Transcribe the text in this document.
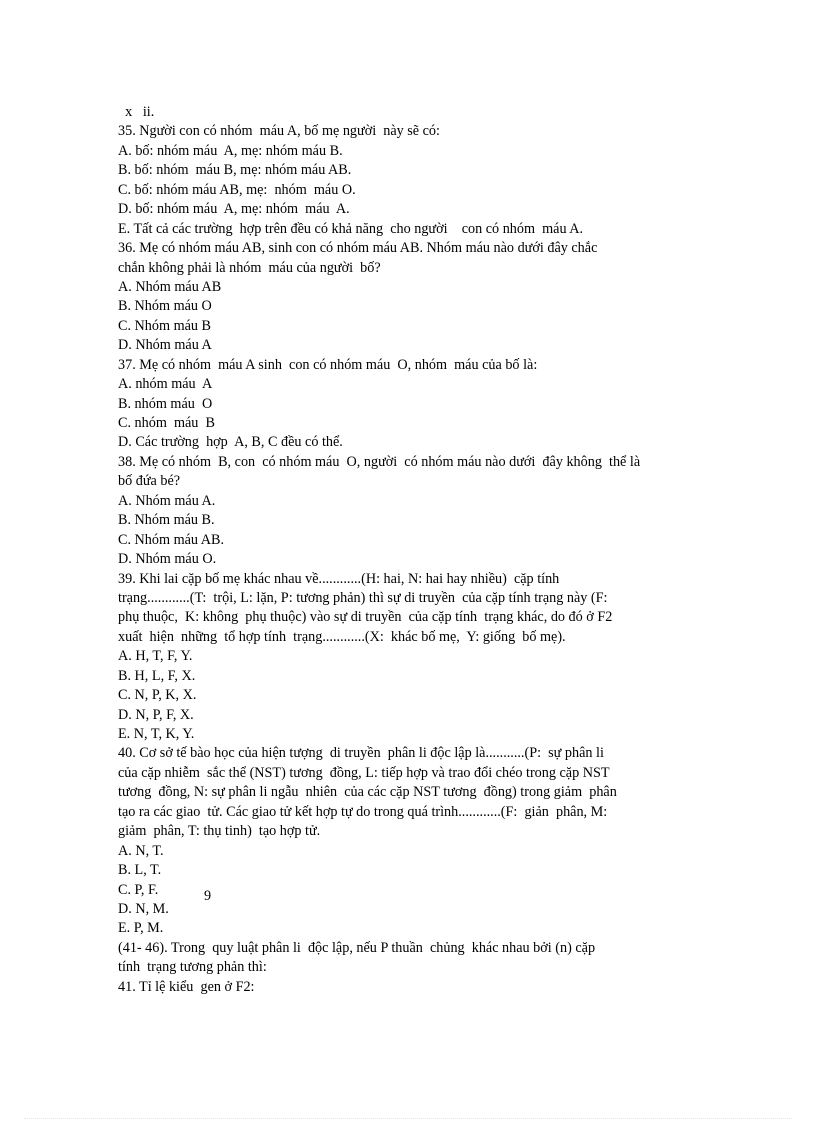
x   ii.
35. Người con có nhóm  máu A, bố mẹ người  này sẽ có:
A. bố: nhóm máu  A, mẹ: nhóm máu B.
B. bố: nhóm  máu B, mẹ: nhóm máu AB.
C. bố: nhóm máu AB, mẹ:  nhóm  máu O.
D. bố: nhóm máu  A, mẹ: nhóm  máu  A.
E. Tất cả các trường  hợp trên đều có khả năng  cho người    con có nhóm  máu A.
36. Mẹ có nhóm máu AB, sinh con có nhóm máu AB. Nhóm máu nào dưới đây chắc
chắn không phải là nhóm  máu của người  bố?
A. Nhóm máu AB
B. Nhóm máu O
C. Nhóm máu B
D. Nhóm máu A
37. Mẹ có nhóm  máu A sinh  con có nhóm máu  O, nhóm  máu của bố là:
A. nhóm máu  A
B. nhóm máu  O
C. nhóm  máu  B
D. Các trường  hợp  A, B, C đều có thể.
38. Mẹ có nhóm  B, con  có nhóm máu  O, người  có nhóm máu nào dưới  đây không  thể là
bố đứa bé?
A. Nhóm máu A.
B. Nhóm máu B.
C. Nhóm máu AB.
D. Nhóm máu O.
39. Khi lai cặp bố mẹ khác nhau về............(H: hai, N: hai hay nhiều)  cặp tính
trạng............(T:  trội, L: lặn, P: tương phản) thì sự di truyền  của cặp tính trạng này (F:
phụ thuộc,  K: không  phụ thuộc) vào sự di truyền  của cặp tính  trạng khác, do đó ở F2
xuất  hiện  những  tổ hợp tính  trạng............(X:  khác bố mẹ,  Y: giống  bố mẹ).
A. H, T, F, Y.
B. H, L, F, X.
C. N, P, K, X.
D. N, P, F, X.
E. N, T, K, Y.
40. Cơ sở tế bào học của hiện tượng  di truyền  phân li độc lập là...........(P:  sự phân li
của cặp nhiễm  sắc thể (NST) tương  đồng, L: tiếp hợp và trao đổi chéo trong cặp NST
tương  đồng, N: sự phân li ngẫu  nhiên  của các cặp NST tương  đồng) trong giảm  phân
tạo ra các giao  tử. Các giao tử kết hợp tự do trong quá trình............(F:  giản  phân, M:
giảm  phân, T: thụ tinh)  tạo hợp tử.
A. N, T.
B. L, T.
C. P, F.
D. N, M.
E. P, M.
(41- 46). Trong  quy luật phân li  độc lập, nếu P thuần  chủng  khác nhau bởi (n) cặp
tính  trạng tương phản thì:
41. Tỉ lệ kiểu  gen ở F2:
9
